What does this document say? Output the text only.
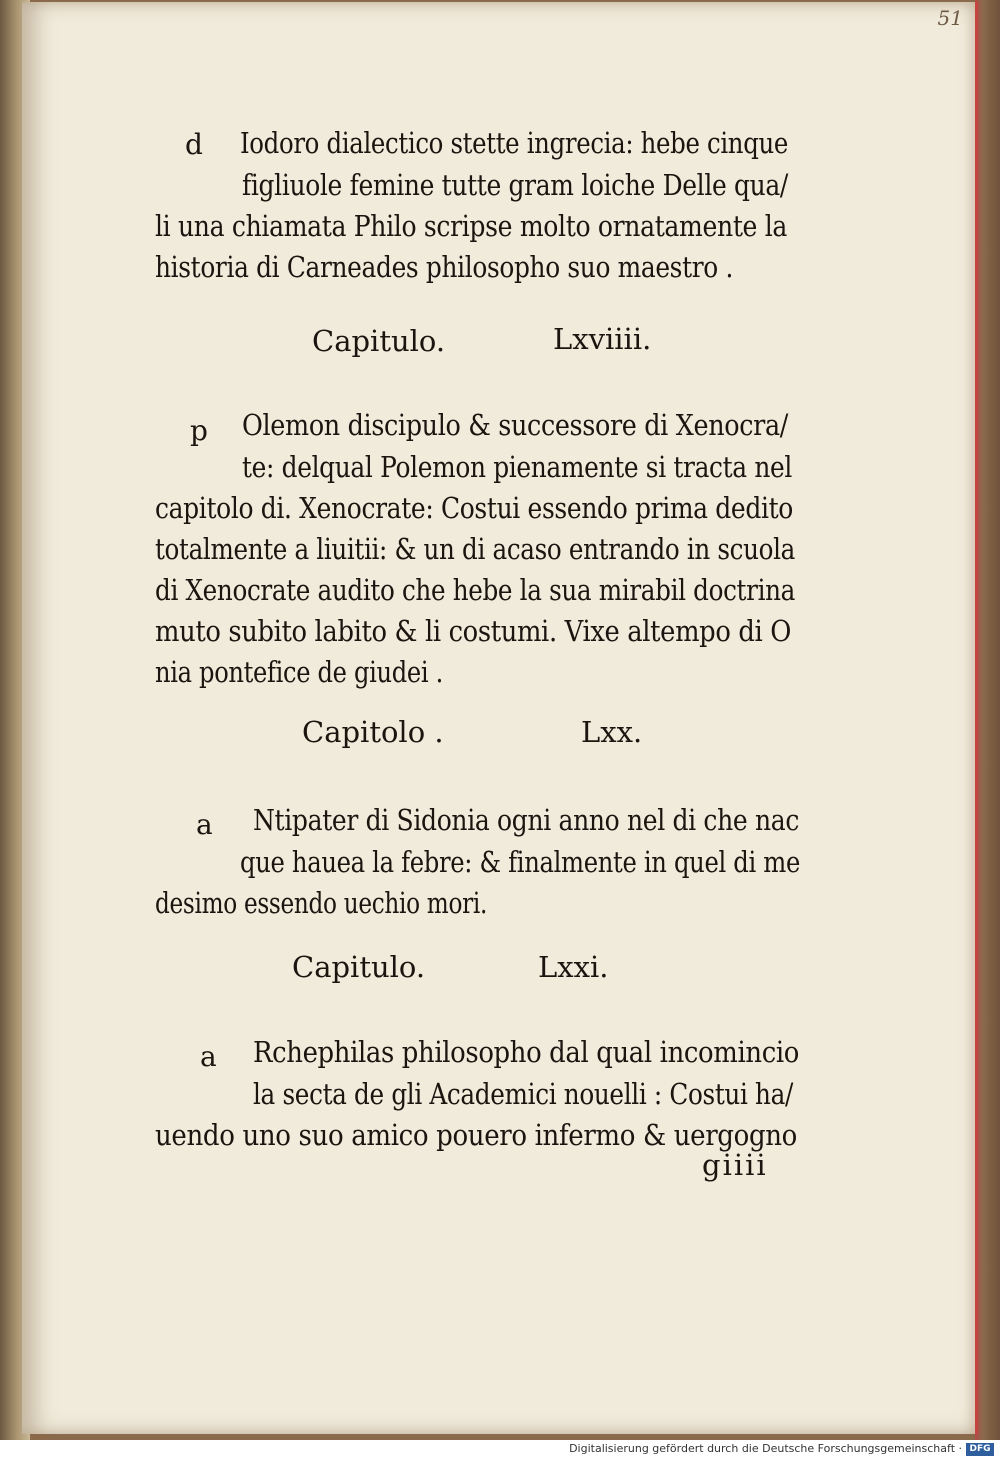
51
d Iodoro dialectico stette ingrecia: hebe cinque
figliuole femine tutte gram loiche Delle qua/
li una chiamata Philo scripse molto ornatamente la
historia di Carneades philosopho suo maestro .
Capitulo.	Lxviiii.
p Olemon discipulo & successore di Xenocra/
te: delqual Polemon pienamente si tracta nel
capitolo di. Xenocrate: Costui essendo prima dedito
totalmente a liuitii: & un di acaso entrando in scuola
di Xenocrate audito che hebe la sua mirabil doctrina
muto subito labito & li costumi. Vixe altempo di O
nia pontefice de giudei .
Capitolo .	Lxx.
a Ntipater di Sidonia ogni anno nel di che nac
que hauea la febre: & finalmente in quel di me
desimo essendo uechio mori.
Capitulo.	Lxxi.
a Rchephilas philosopho dal qual incomincio
la secta de gli Academici nouelli : Costui ha/
uendo uno suo amico pouero infermo & uergogno
giiii
Digitalisierung gefördert durch die Deutsche Forschungsgemeinschaft · DFG
